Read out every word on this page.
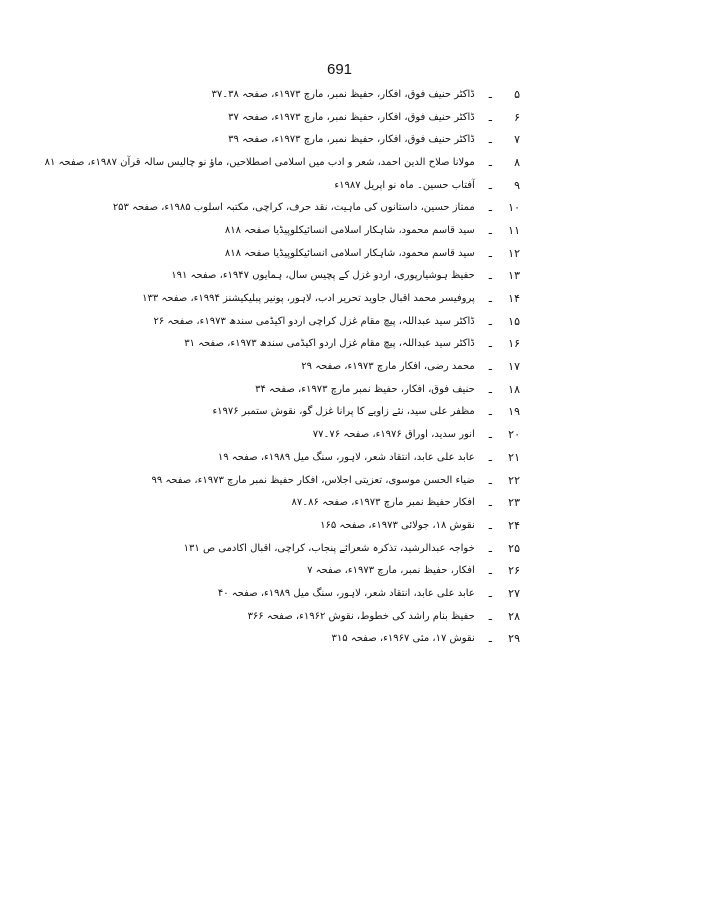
691
۵
ـ
ڈاکٹر حنیف فوق، افکار، حفیظ نمبر، مارچ ۱۹۷۳ء، صفحہ ۳۸۔۳۷
۶
ـ
ڈاکٹر حنیف فوق، افکار، حفیظ نمبر، مارچ ۱۹۷۳ء، صفحہ ۳۷
۷
ـ
ڈاکٹر حنیف فوق، افکار، حفیظ نمبر، مارچ ۱۹۷۳ء، صفحہ ۳۹
۸
ـ
مولانا صلاح الدین احمد، شعر و ادب میں اسلامی اصطلاحیں، ماؤ نو چالیس سالہ قرآن ۱۹۸۷ء، صفحہ ۸۱
۹
ـ
آفتاب حسین۔ ماہ نو اپریل ۱۹۸۷ء
۱۰
ـ
ممتاز حسین، داستانوں کی ماہیت، نقد حرف، کراچی، مکتبہ اسلوب ۱۹۸۵ء، صفحہ ۲۵۳
۱۱
ـ
سید قاسم محمود، شاہکار اسلامی انسائیکلوپیڈیا صفحہ ۸۱۸
۱۲
ـ
سید قاسم محمود، شاہکار اسلامی انسائیکلوپیڈیا صفحہ ۸۱۸
۱۳
ـ
حفیظ ہوشیارپوری، اردو غزل کے پچیس سال، ہمایوں ۱۹۴۷ء، صفحہ ۱۹۱
۱۴
ـ
پروفیسر محمد اقبال جاوید تحریر ادب، لاہور، پونیر پبلیکیشنز ۱۹۹۴ء، صفحہ ۱۳۳
۱۵
ـ
ڈاکٹر سید عبداللہ، پیچ مقام غزل کراچی اردو اکیڈمی سندھ ۱۹۷۳ء، صفحہ ۲۶
۱۶
ـ
ڈاکٹر سید عبداللہ، پیچ مقام غزل اردو اکیڈمی سندھ ۱۹۷۳ء، صفحہ ۳۱
۱۷
ـ
محمد رضی، افکار مارچ ۱۹۷۳ء، صفحہ ۲۹
۱۸
ـ
حنیف فوق، افکار، حفیظ نمبر مارچ ۱۹۷۳ء، صفحہ ۳۴
۱۹
ـ
مظفر علی سید، نئے زاویے کا پرانا غزل گو، نقوش ستمبر ۱۹۷۶ء
۲۰
ـ
انور سدید، اوراق ۱۹۷۶ء، صفحہ ۷۶۔۷۷
۲۱
ـ
عابد علی عابد، انتقاد شعر، لاہور، سنگ میل ۱۹۸۹ء، صفحہ ۱۹
۲۲
ـ
ضیاء الحسن موسوی، تعزیتی اجلاس، افکار حفیظ نمبر مارچ ۱۹۷۳ء، صفحہ ۹۹
۲۳
ـ
افکار حفیظ نمبر مارچ ۱۹۷۳ء، صفحہ ۸۶۔۸۷
۲۴
ـ
نقوش ۱۸، جولائی ۱۹۷۳ء، صفحہ ۱۶۵
۲۵
ـ
خواجہ عبدالرشید، تذکرہ شعرائے پنجاب، کراچی، اقبال اکادمی ص ۱۳۱
۲۶
ـ
افکار، حفیظ نمبر، مارچ ۱۹۷۳ء، صفحہ ۷
۲۷
ـ
عابد علی عابد، انتقاد شعر، لاہور، سنگ میل ۱۹۸۹ء، صفحہ ۴۰
۲۸
ـ
حفیظ بنام راشد کی خطوط، نقوش ۱۹۶۲ء، صفحہ ۳۶۶
۲۹
ـ
نقوش ۱۷، مئی ۱۹۶۷ء، صفحہ ۳۱۵
